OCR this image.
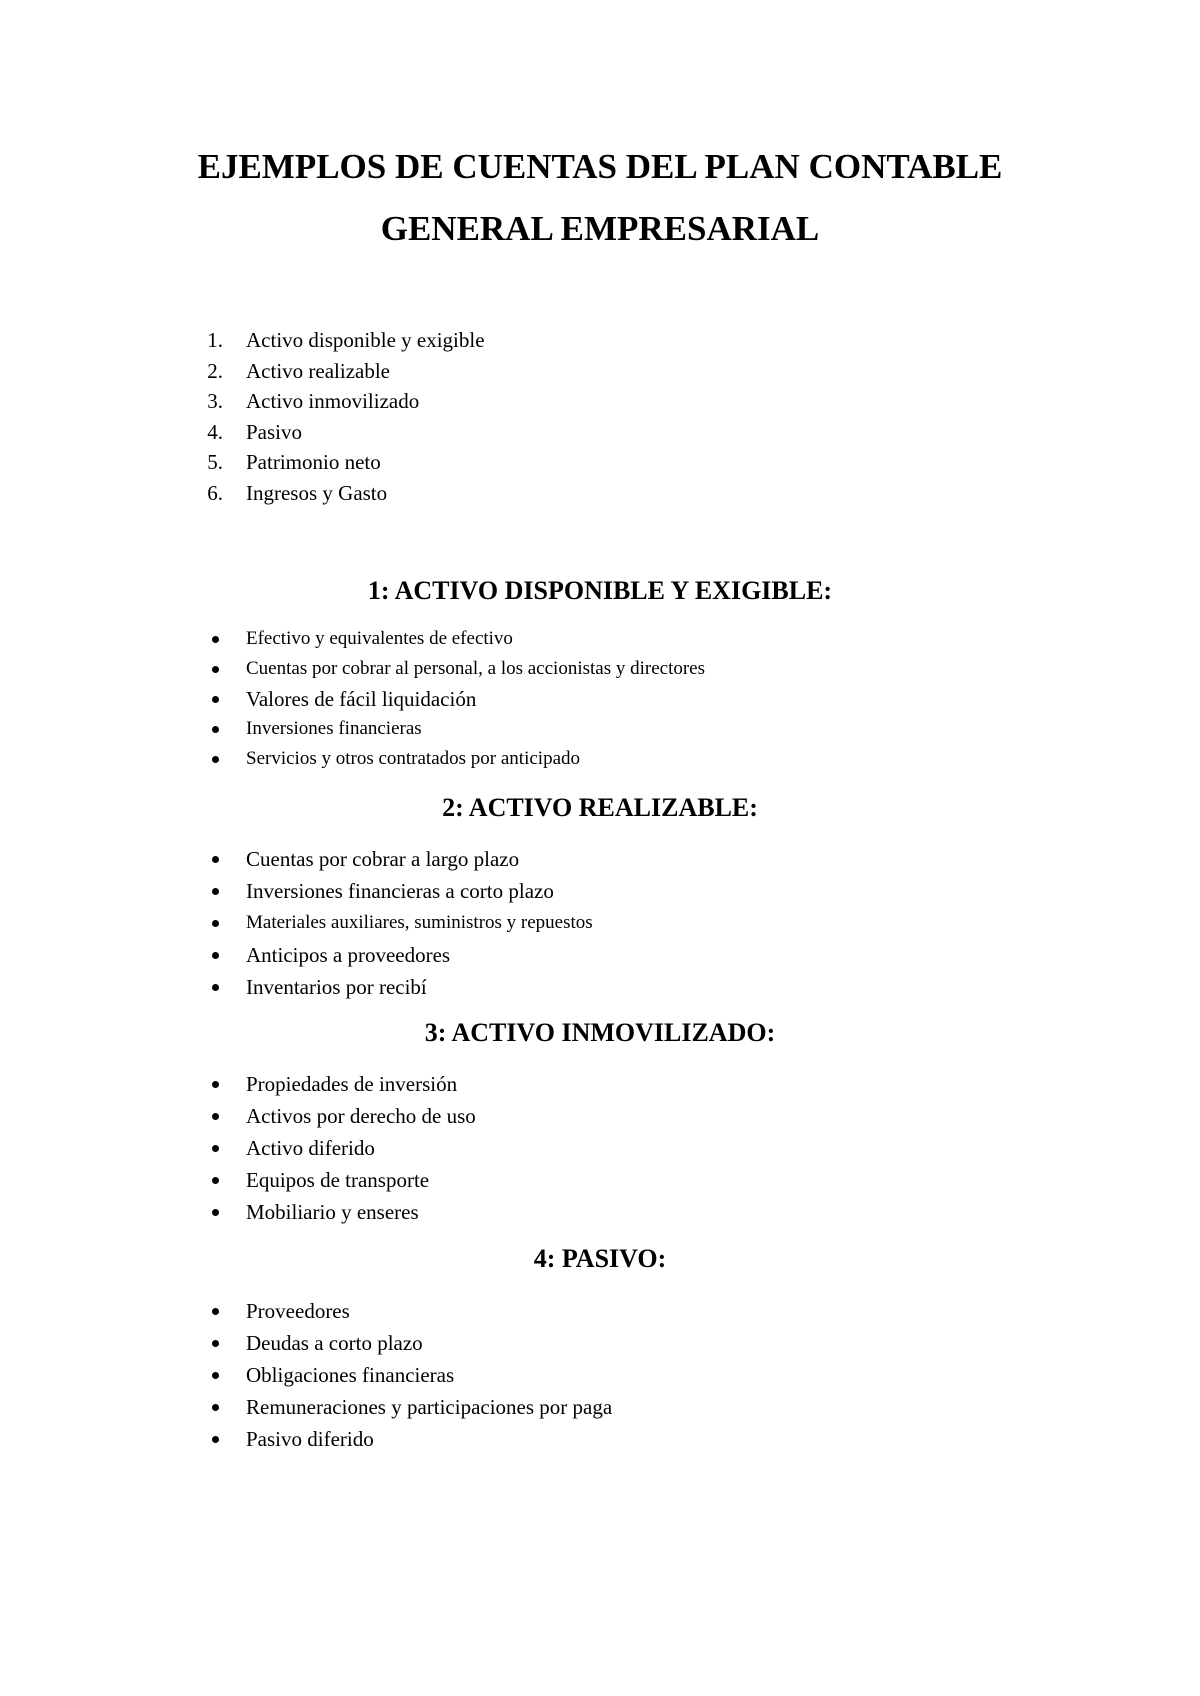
EJEMPLOS DE CUENTAS DEL PLAN CONTABLE
GENERAL EMPRESARIAL
1. Activo disponible y exigible
2. Activo realizable
3. Activo inmovilizado
4. Pasivo
5. Patrimonio neto
6. Ingresos y Gasto
1: ACTIVO DISPONIBLE Y EXIGIBLE:
Efectivo y equivalentes de efectivo
Cuentas por cobrar al personal, a los accionistas y directores
Valores de fácil liquidación
Inversiones financieras
Servicios y otros contratados por anticipado
2: ACTIVO REALIZABLE:
Cuentas por cobrar a largo plazo
Inversiones financieras a corto plazo
Materiales auxiliares, suministros y repuestos
Anticipos a proveedores
Inventarios por recibí
3: ACTIVO INMOVILIZADO:
Propiedades de inversión
Activos por derecho de uso
Activo diferido
Equipos de transporte
Mobiliario y enseres
4: PASIVO:
Proveedores
Deudas a corto plazo
Obligaciones financieras
Remuneraciones y participaciones por paga
Pasivo diferido
